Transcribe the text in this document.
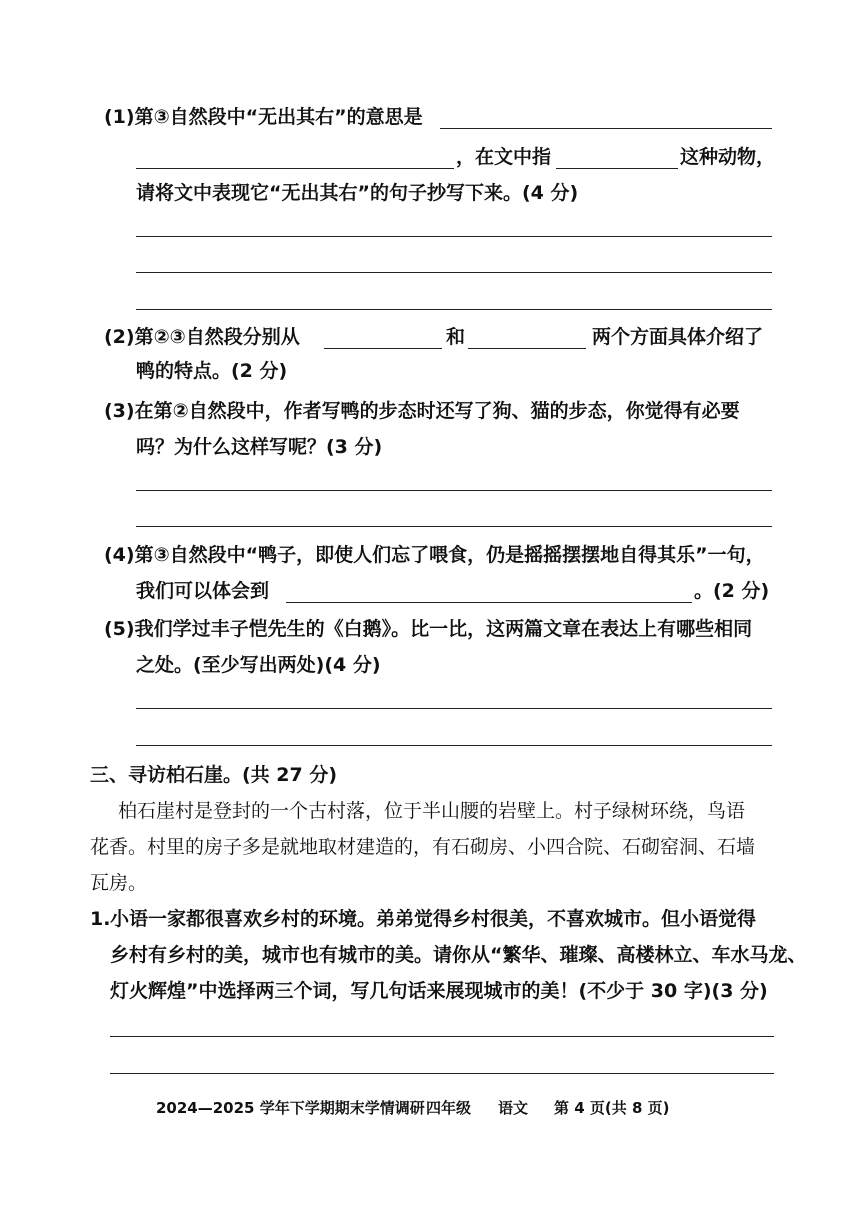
(1)第③自然段中“无出其右”的意思是
，在文中指	这种动物，
请将文中表现它“无出其右”的句子抄写下来。(4 分)
(2)第②③自然段分别从	和	两个方面具体介绍了
鸭的特点。(2 分)
(3)在第②自然段中，作者写鸭的步态时还写了狗、猫的步态，你觉得有必要
吗？为什么这样写呢？(3 分)
(4)第③自然段中“鸭子，即使人们忘了喂食，仍是摇摇摆摆地自得其乐”一句，
我们可以体会到	。(2 分)
(5)我们学过丰子恺先生的《白鹅》。比一比，这两篇文章在表达上有哪些相同
之处。(至少写出两处)(4 分)
三、寻访柏石崖。(共 27 分)
柏石崖村是登封的一个古村落，位于半山腰的岩壁上。村子绿树环绕，鸟语
花香。村里的房子多是就地取材建造的，有石砌房、小四合院、石砌窑洞、石墙
瓦房。
1. 小语一家都很喜欢乡村的环境。弟弟觉得乡村很美，不喜欢城市。但小语觉得
乡村有乡村的美，城市也有城市的美。请你从“繁华、璀璨、高楼林立、车水马龙、
灯火辉煌”中选择两三个词，写几句话来展现城市的美！(不少于 30 字)(3 分)
2024—2025 学年下学期期末学情调研 四年级 语文 第 4 页(共 8 页)
